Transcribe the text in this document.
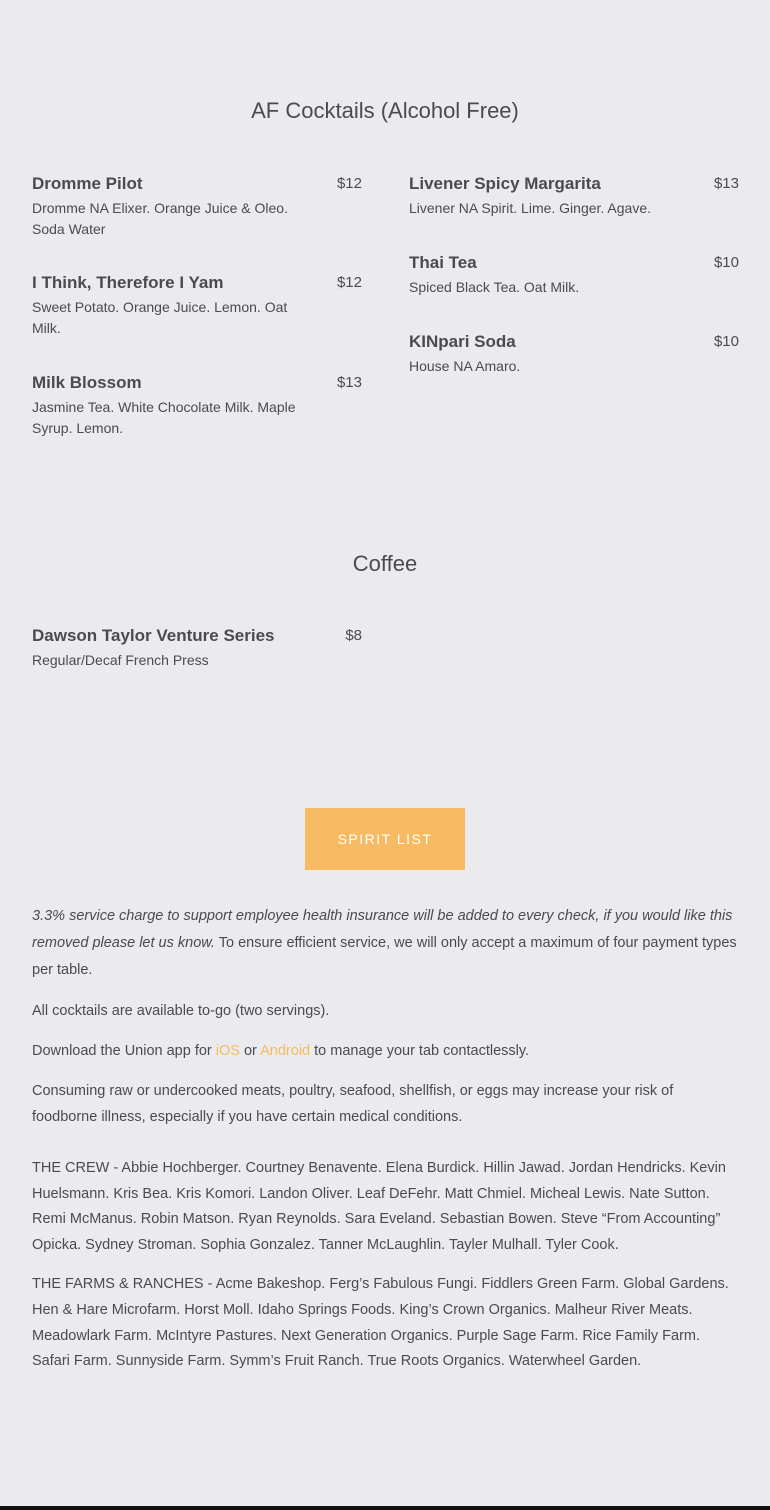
AF Cocktails (Alcohol Free)
Dromme Pilot	$12
Dromme NA Elixer. Orange Juice & Oleo. Soda Water
I Think, Therefore I Yam	$12
Sweet Potato. Orange Juice. Lemon. Oat Milk.
Milk Blossom	$13
Jasmine Tea. White Chocolate Milk. Maple Syrup. Lemon.
Livener Spicy Margarita	$13
Livener NA Spirit. Lime. Ginger. Agave.
Thai Tea	$10
Spiced Black Tea. Oat Milk.
KINpari Soda	$10
House NA Amaro.
Coffee
Dawson Taylor Venture Series	$8
Regular/Decaf French Press
SPIRIT LIST

3.3% service charge to support employee health insurance will be added to every check, if you would like this removed please let us know. To ensure efficient service, we will only accept a maximum of four payment types per table.

All cocktails are available to-go (two servings).

Download the Union app for iOS or Android to manage your tab contactlessly.

Consuming raw or undercooked meats, poultry, seafood, shellfish, or eggs may increase your risk of foodborne illness, especially if you have certain medical conditions.

THE CREW - Abbie Hochberger. Courtney Benavente. Elena Burdick. Hillin Jawad. Jordan Hendricks. Kevin Huelsmann. Kris Bea. Kris Komori. Landon Oliver. Leaf DeFehr. Matt Chmiel. Micheal Lewis. Nate Sutton. Remi McManus. Robin Matson. Ryan Reynolds. Sara Eveland. Sebastian Bowen. Steve “From Accounting” Opicka. Sydney Stroman. Sophia Gonzalez. Tanner McLaughlin. Tayler Mulhall. Tyler Cook.

THE FARMS & RANCHES - Acme Bakeshop. Ferg’s Fabulous Fungi. Fiddlers Green Farm. Global Gardens. Hen & Hare Microfarm. Horst Moll. Idaho Springs Foods. King’s Crown Organics. Malheur River Meats. Meadowlark Farm. McIntyre Pastures. Next Generation Organics. Purple Sage Farm. Rice Family Farm. Safari Farm. Sunnyside Farm. Symm’s Fruit Ranch. True Roots Organics. Waterwheel Garden.
